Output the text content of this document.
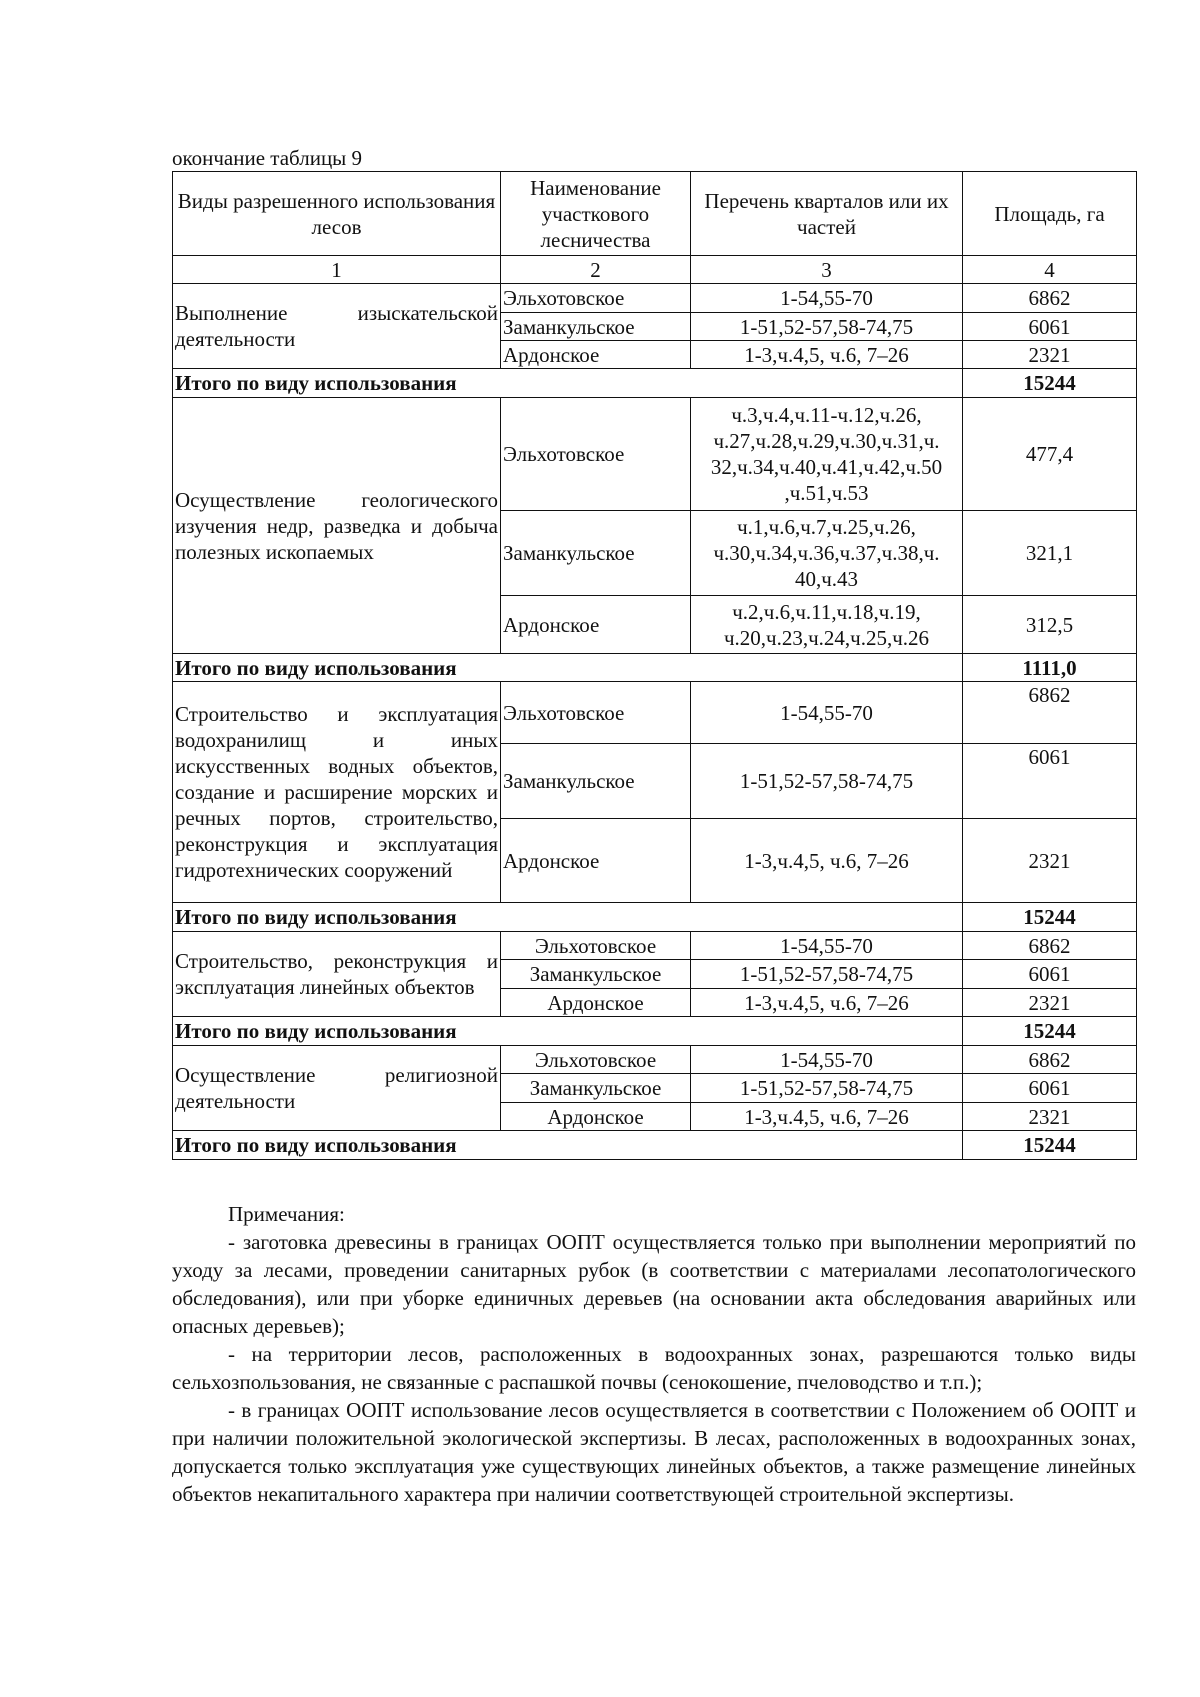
окончание таблицы 9
Виды разрешенного использования лесов	Наименование участкового лесничества	Перечень кварталов или их частей	Площадь, га
1	2	3	4
Выполнение изыскательской деятельности	Эльхотовское	1-54,55-70	6862
	Заманкульское	1-51,52-57,58-74,75	6061
	Ардонское	1-3,ч.4,5, ч.6, 7–26	2321
Итого по виду использования			15244
Осуществление геологического изучения недр, разведка и добыча полезных ископаемых	Эльхотовское	ч.3,ч.4,ч.11-ч.12,ч.26, ч.27,ч.28,ч.29,ч.30,ч.31,ч. 32,ч.34,ч.40,ч.41,ч.42,ч.50 ,ч.51,ч.53	477,4
	Заманкульское	ч.1,ч.6,ч.7,ч.25,ч.26, ч.30,ч.34,ч.36,ч.37,ч.38,ч. 40,ч.43	321,1
	Ардонское	ч.2,ч.6,ч.11,ч.18,ч.19, ч.20,ч.23,ч.24,ч.25,ч.26	312,5
Итого по виду использования			1111,0
Строительство и эксплуатация водохранилищ и иных искусственных водных объектов, создание и расширение морских и речных портов, строительство, реконструкция и эксплуатация гидротехнических сооружений	Эльхотовское	1-54,55-70	6862
	Заманкульское	1-51,52-57,58-74,75	6061
	Ардонское	1-3,ч.4,5, ч.6, 7–26	2321
Итого по виду использования			15244
Строительство, реконструкция и эксплуатация линейных объектов	Эльхотовское	1-54,55-70	6862
	Заманкульское	1-51,52-57,58-74,75	6061
	Ардонское	1-3,ч.4,5, ч.6, 7–26	2321
Итого по виду использования			15244
Осуществление религиозной деятельности	Эльхотовское	1-54,55-70	6862
	Заманкульское	1-51,52-57,58-74,75	6061
	Ардонское	1-3,ч.4,5, ч.6, 7–26	2321
Итого по виду использования			15244

Примечания:

- заготовка древесины в границах ООПТ осуществляется только при выполнении мероприятий по уходу за лесами, проведении санитарных рубок (в соответствии с материалами лесопатологического обследования), или при уборке единичных деревьев (на основании акта обследования аварийных или опасных деревьев);

- на территории лесов, расположенных в водоохранных зонах, разрешаются только виды сельхозпользования, не связанные с распашкой почвы (сенокошение, пчеловодство и т.п.);

- в границах ООПТ использование лесов осуществляется в соответствии с Положением об ООПТ и при наличии положительной экологической экспертизы. В лесах, расположенных в водоохранных зонах, допускается только эксплуатация уже существующих линейных объектов, а также размещение линейных объектов некапитального характера при наличии соответствующей строительной экспертизы.
